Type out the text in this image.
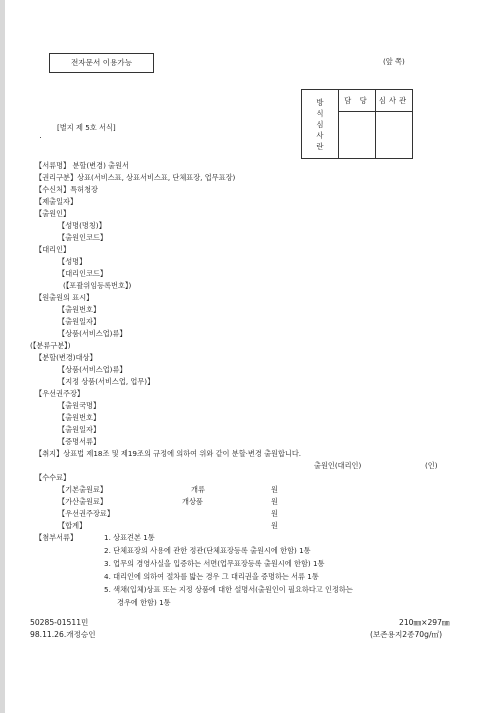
전자문서 이용가능	(앞 쪽)
방
식
심
사
란	담 당	심사관

[별지 제 5호 서식]
【서류명】 분할(변경) 출원서
【권리구분】상표(서비스표, 상표서비스표, 단체표장, 업무표장)
【수신처】특허청장
【제출일자】
【출원인】
【성명(명칭)】
【출원인코드】
【대리인】
【성명】
【대리인코드】
(【포괄위임등록번호】)
【원출원의 표시】
【출원번호】
【출원일자】
【상품(서비스업)류】
(【분류구분】)
【분할(변경)대상】
【상품(서비스업)류】
【지정 상품(서비스업, 업무)】
【우선권주장】
【출원국명】
【출원번호】
【출원일자】
【증명서류】
【취지】상표법 제18조 및 제19조의 규정에 의하여 위와 같이 분할·변경 출원합니다.
출원인(대리인)	(인)
【수수료】
【기본출원료】	개류	원
【가산출원료】	개상품	원
【우선권주장료】	원
【합계】	원
【첨부서류】	1. 상표견본 1통
2. 단체표장의 사용에 관한 정관(단체표장등록 출원시에 한함) 1통
3. 업무의 경영사실을 입증하는 서면(업무표장등록 출원시에 한함) 1통
4. 대리인에 의하여 절차를 밟는 경우 그 대리권을 증명하는 서류 1통
5. 색채(입체)상표 또는 지정 상품에 대한 설명서(출원인이 필요하다고 인정하는
경우에 한함) 1통
50285-01511민
98.11.26.개정승인
210㎜×297㎜
(보존용지2종70g/㎡)
